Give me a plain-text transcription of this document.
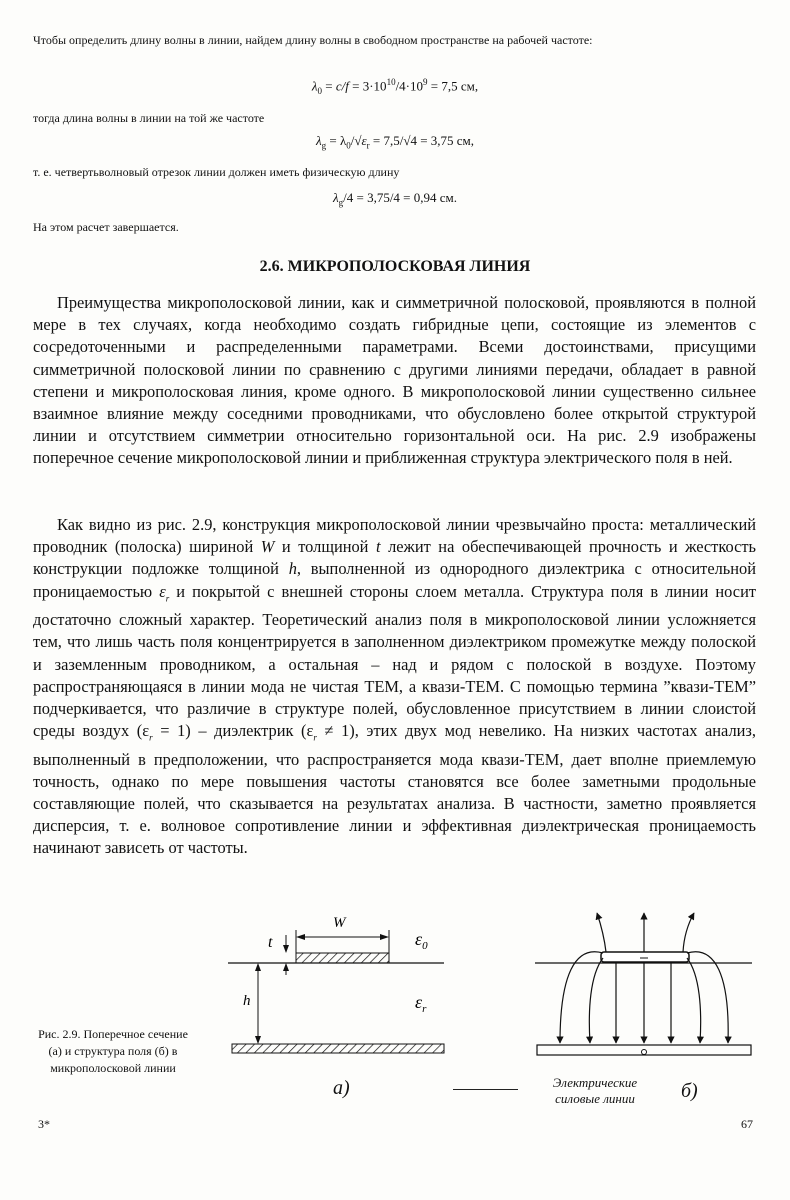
Чтобы определить длину волны в линии, найдем длину волны в свободном пространстве на рабочей частоте:
$\lambda_0 = c/f = 3\cdot 10^{10}/4\cdot 10^9 = 7,5$ см,
тогда длина волны в линии на той же частоте
$\lambda_g = \lambda_0/√\varepsilon_r = 7,5/√4 = 3,75$ см,
т. е. четвертьволновый отрезок линии должен иметь физическую длину
$\lambda_g/4 = 3,75/4 = 0,94$ см.
На этом расчет завершается.
2.6. МИКРОПОЛОСКОВАЯ ЛИНИЯ

Преимущества микрополосковой линии, как и симметричной полосковой, проявляются в полной мере в тех случаях, когда необходимо создать гибридные цепи, состоящие из элементов с сосредоточенными и распределенными параметрами. Всеми достоинствами, присущими симметричной полосковой линии по сравнению с другими линиями передачи, обладает в равной степени и микрополосковая линия, кроме одного. В микрополосковой линии существенно сильнее взаимное влияние между соседними проводниками, что обусловлено более открытой структурой линии и отсутствием симметрии относительно горизонтальной оси. На рис. 2.9 изображены поперечное сечение микрополосковой линии и приближенная структура электрического поля в ней.

Как видно из рис. 2.9, конструкция микрополосковой линии чрезвычайно проста: металлический проводник (полоска) шириной W и толщиной t лежит на обеспечивающей прочность и жесткость конструкции подложке толщиной h, выполненной из однородного диэлектрика с относительной проницаемостью $\varepsilon_r$ и покрытой с внешней стороны слоем металла. Структура поля в линии носит достаточно сложный характер. Теоретический анализ поля в микрополосковой линии усложняется тем, что лишь часть поля концентрируется в заполненном диэлектриком промежутке между полоской и заземленным проводником, а остальная – над и рядом с полоской в воздухе. Поэтому распространяющаяся в линии мода не чистая ТЕМ, а квази-ТЕМ. С помощью термина ”квази-ТЕМ” подчеркивается, что различие в структуре полей, обусловленное присутствием в линии слоистой среды воздух $(\varepsilon_r = 1)$ – диэлектрик $(\varepsilon_r \ne 1)$, этих двух мод невелико. На низких частотах анализ, выполненный в предположении, что распространяется мода квази-ТЕМ, дает вполне приемлемую точность, однако по мере повышения частоты становятся все более заметными продольные составляющие полей, что сказывается на результатах анализа. В частности, заметно проявляется дисперсия, т. е. волновое сопротивление линии и эффективная диэлектрическая проницаемость начинают зависеть от частоты.

Рис. 2.9. Поперечное сечение (а) и структура поля (б) в микрополосковой линии
W
t
h
$\varepsilon_0$
$\varepsilon_r$
а)	Электрические силовые линии	б)
3*	67
